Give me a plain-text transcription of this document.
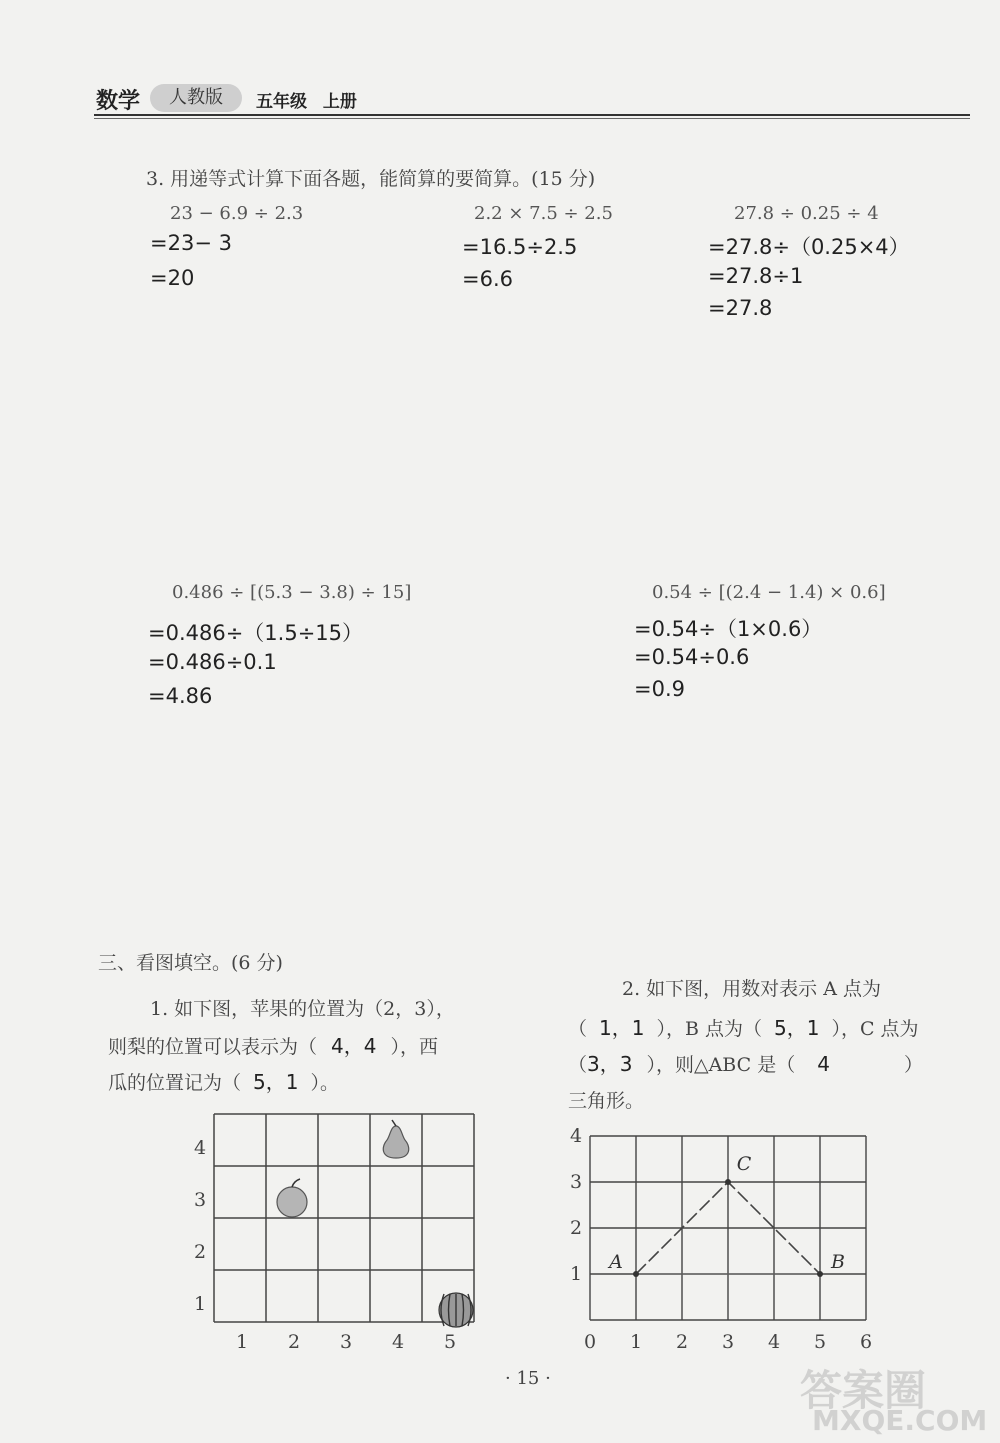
数学	人教版	五年级 上册
3. 用递等式计算下面各题，能简算的要简算。(15 分)
23 − 6.9 ÷ 2.3
=23− 3
=20
2.2 × 7.5 ÷ 2.5
=16.5÷2.5
=6.6
27.8 ÷ 0.25 ÷ 4
=27.8÷（0.25×4）
=27.8÷1
=27.8
0.486 ÷ [(5.3 − 3.8) ÷ 15]
=0.486÷（1.5÷15）
=0.486÷0.1
=4.86
0.54 ÷ [(2.4 − 1.4) × 0.6]
=0.54÷（1×0.6）
=0.54÷0.6
=0.9
三、看图填空。(6 分)
1. 如下图，苹果的位置为（2，3），
则梨的位置可以表示为（ 4，4 ），西
瓜的位置记为（ 5，1 ）。
2. 如下图，用数对表示 A 点为
（ 1，1 ），B 点为（ 5，1 ），C 点为
（3，3 ），则△ABC 是（ 4	）
三角形。
1 2 3 4 5
1
2
3
4
A	B
C
0 1 2 3 4 5 6
1
2
3
4
· 15 ·	答案圈
MXQE.COM
